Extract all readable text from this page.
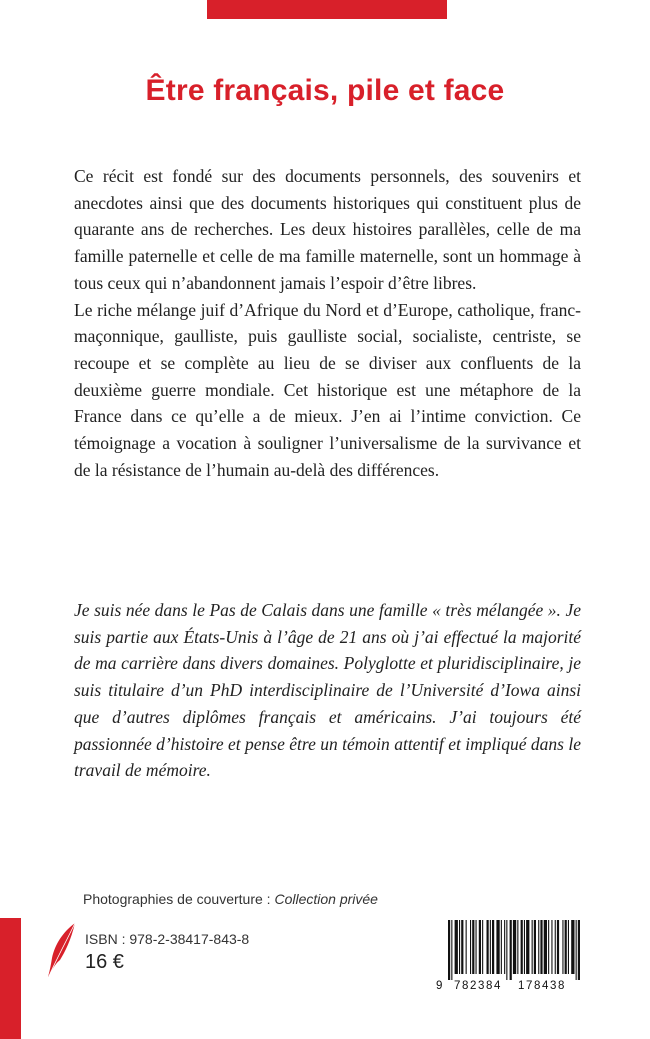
Être français, pile et face

Ce récit est fondé sur des documents personnels, des souvenirs et anecdotes ainsi que des documents historiques qui constituent plus de quarante ans de recherches. Les deux histoires parallèles, celle de ma famille paternelle et celle de ma famille maternelle, sont un hommage à tous ceux qui n’abandonnent jamais l’espoir d’être libres.

Le riche mélange juif d’Afrique du Nord et d’Europe, catholique, franc-maçonnique, gaulliste, puis gaulliste social, socialiste, centriste, se recoupe et se complète au lieu de se diviser aux confluents de la deuxième guerre mondiale. Cet historique est une métaphore de la France dans ce qu’elle a de mieux. J’en ai l’intime conviction. Ce témoignage a vocation à souligner l’universalisme de la survivance et de la résistance de l’humain au-delà des différences.

Je suis née dans le Pas de Calais dans une famille « très mélangée ». Je suis partie aux États-Unis à l’âge de 21 ans où j’ai effectué la majorité de ma carrière dans divers domaines. Polyglotte et pluridisciplinaire, je suis titulaire d’un PhD interdisciplinaire de l’Université d’Iowa ainsi que d’autres diplômes français et américains. J’ai toujours été passionnée d’histoire et pense être un témoin attentif et impliqué dans le travail de mémoire.

Photographies de couverture : Collection privée
ISBN : 978-2-38417-843-8
16 €
9 782384 178438
